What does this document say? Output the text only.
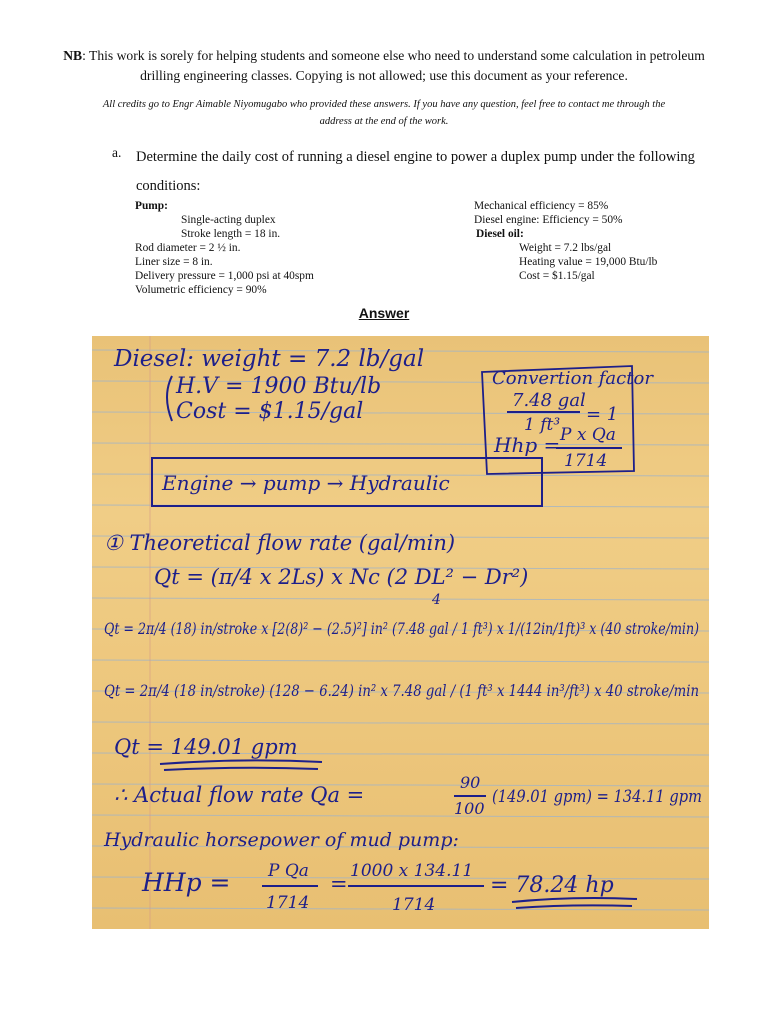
NB: This work is sorely for helping students and someone else who need to understand some calculation in petroleum drilling engineering classes. Copying is not allowed; use this document as your reference.

All credits go to Engr Aimable Niyomugabo who provided these answers. If you have any question, feel free to contact me through the address at the end of the work.

a. Determine the daily cost of running a diesel engine to power a duplex pump under the following conditions:

Pump:
Single-acting duplex
Stroke length = 18 in.
Rod diameter = 2 ½ in.
Liner size = 8 in.
Delivery pressure = 1,000 psi at 40spm
Volumetric efficiency = 90%
Mechanical efficiency = 85%
Diesel engine: Efficiency = 50%
Diesel oil:
Weight = 7.2 lbs/gal
Heating value = 19,000 Btu/lb
Cost = $1.15/gal
Answer
Diesel: weight = 7.2 lb/gal
H.V = 1900 Btu/lb
Cost = $1.15/gal
Convertion factor
7.48 gal
1 ft³ = 1
Hhp = P x Qa
1714
Engine → pump → Hydraulic
① Theoretical flow rate (gal/min)
Qt = (π/4 x 2Ls) x Nc (2 DL² − Dr²)
4
Qt = 2π/4 (18) in/stroke x [2(8)² − (2.5)²] in² (7.48 gal / 1 ft³) x 1/(12in/1ft)³ x (40 stroke/min)
Qt = 2π/4 (18 in/stroke) (128 − 6.24) in² x 7.48 gal / (1 ft³ x 1444 in³/ft³) x 40 stroke/min
Qt = 149.01 gpm
∴ Actual flow rate Qa =
90
100
(149.01 gpm) = 134.11 gpm
Hydraulic horsepower of mud pump:
HHp = P Qa
1714
=
1000 x 134.11
1714
= 78.24 hp
